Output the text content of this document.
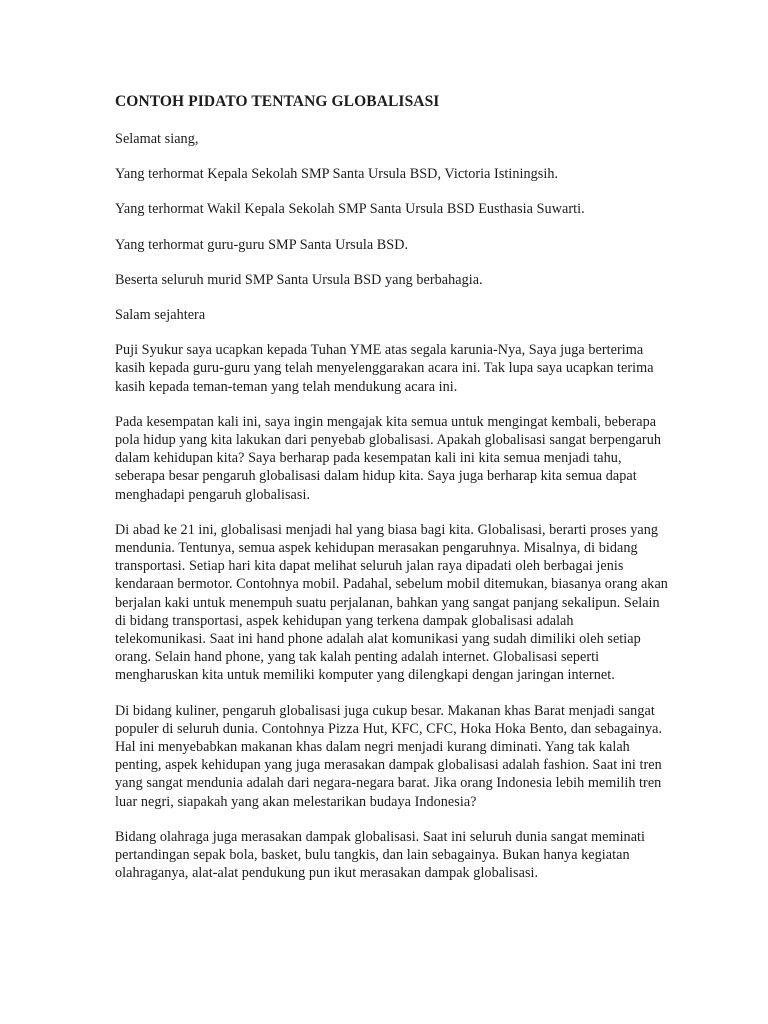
CONTOH PIDATO TENTANG GLOBALISASI

Selamat siang,

Yang terhormat Kepala Sekolah SMP Santa Ursula BSD, Victoria Istiningsih.

Yang terhormat Wakil Kepala Sekolah SMP Santa Ursula BSD Eusthasia Suwarti.

Yang terhormat guru-guru SMP Santa Ursula BSD.

Beserta seluruh murid SMP Santa Ursula BSD yang berbahagia.

Salam sejahtera

Puji Syukur saya ucapkan kepada Tuhan YME atas segala karunia-Nya, Saya juga berterima kasih kepada guru-guru yang telah menyelenggarakan acara ini. Tak lupa saya ucapkan terima kasih kepada teman-teman yang telah mendukung acara ini.

Pada kesempatan kali ini, saya ingin mengajak kita semua untuk mengingat kembali, beberapa pola hidup yang kita lakukan dari penyebab globalisasi. Apakah globalisasi sangat berpengaruh dalam kehidupan kita? Saya berharap pada kesempatan kali ini kita semua menjadi tahu, seberapa besar pengaruh globalisasi dalam hidup kita. Saya juga berharap kita semua dapat menghadapi pengaruh globalisasi.

Di abad ke 21 ini, globalisasi menjadi hal yang biasa bagi kita. Globalisasi, berarti proses yang mendunia. Tentunya, semua aspek kehidupan merasakan pengaruhnya. Misalnya, di bidang transportasi. Setiap hari kita dapat melihat seluruh jalan raya dipadati oleh berbagai jenis kendaraan bermotor. Contohnya mobil. Padahal, sebelum mobil ditemukan, biasanya orang akan berjalan kaki untuk menempuh suatu perjalanan, bahkan yang sangat panjang sekalipun. Selain di bidang transportasi, aspek kehidupan yang terkena dampak globalisasi adalah telekomunikasi. Saat ini hand phone adalah alat komunikasi yang sudah dimiliki oleh setiap orang. Selain hand phone, yang tak kalah penting adalah internet. Globalisasi seperti mengharuskan kita untuk memiliki komputer yang dilengkapi dengan jaringan internet.

Di bidang kuliner, pengaruh globalisasi juga cukup besar. Makanan khas Barat menjadi sangat populer di seluruh dunia. Contohnya Pizza Hut, KFC, CFC, Hoka Hoka Bento, dan sebagainya. Hal ini menyebabkan makanan khas dalam negri menjadi kurang diminati. Yang tak kalah penting, aspek kehidupan yang juga merasakan dampak globalisasi adalah fashion. Saat ini tren yang sangat mendunia adalah dari negara-negara barat. Jika orang Indonesia lebih memilih tren luar negri, siapakah yang akan melestarikan budaya Indonesia?

Bidang olahraga juga merasakan dampak globalisasi. Saat ini seluruh dunia sangat meminati pertandingan sepak bola, basket, bulu tangkis, dan lain sebagainya. Bukan hanya kegiatan olahraganya, alat-alat pendukung pun ikut merasakan dampak globalisasi.
